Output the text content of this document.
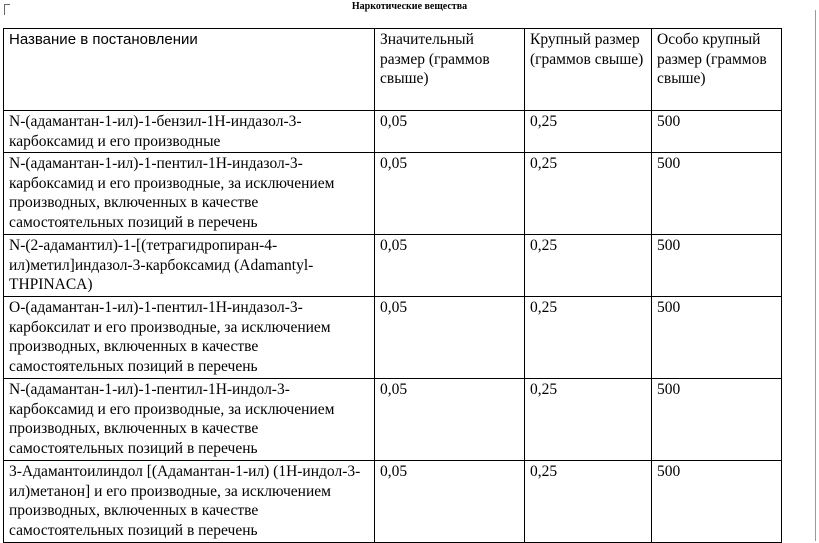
Наркотические вещества
Название в постановлении	Значительный размер (граммов свыше)	Крупный размер (граммов свыше)	Особо крупный размер (граммов свыше)
N-(адамантан-1-ил)-1-бензил-1Н-индазол-3-карбоксамид и его производные	0,05	0,25	500
N-(адамантан-1-ил)-1-пентил-1Н-индазол-3-карбоксамид и его производные, за исключением производных, включенных в качестве самостоятельных позиций в перечень	0,05	0,25	500
N-(2-адамантил)-1-[(тетрагидропиран-4-ил)метил]индазол-3-карбоксамид (Adamantyl-THPINACA)	0,05	0,25	500
О-(адамантан-1-ил)-1-пентил-1Н-индазол-3-карбоксилат и его производные, за исключением производных, включенных в качестве самостоятельных позиций в перечень	0,05	0,25	500
N-(адамантан-1-ил)-1-пентил-1Н-индол-3-карбоксамид и его производные, за исключением производных, включенных в качестве самостоятельных позиций в перечень	0,05	0,25	500
3-Адамантоилиндол [(Адамантан-1-ил) (1Н-индол-3-ил)метанон] и его производные, за исключением производных, включенных в качестве самостоятельных позиций в перечень	0,05	0,25	500
